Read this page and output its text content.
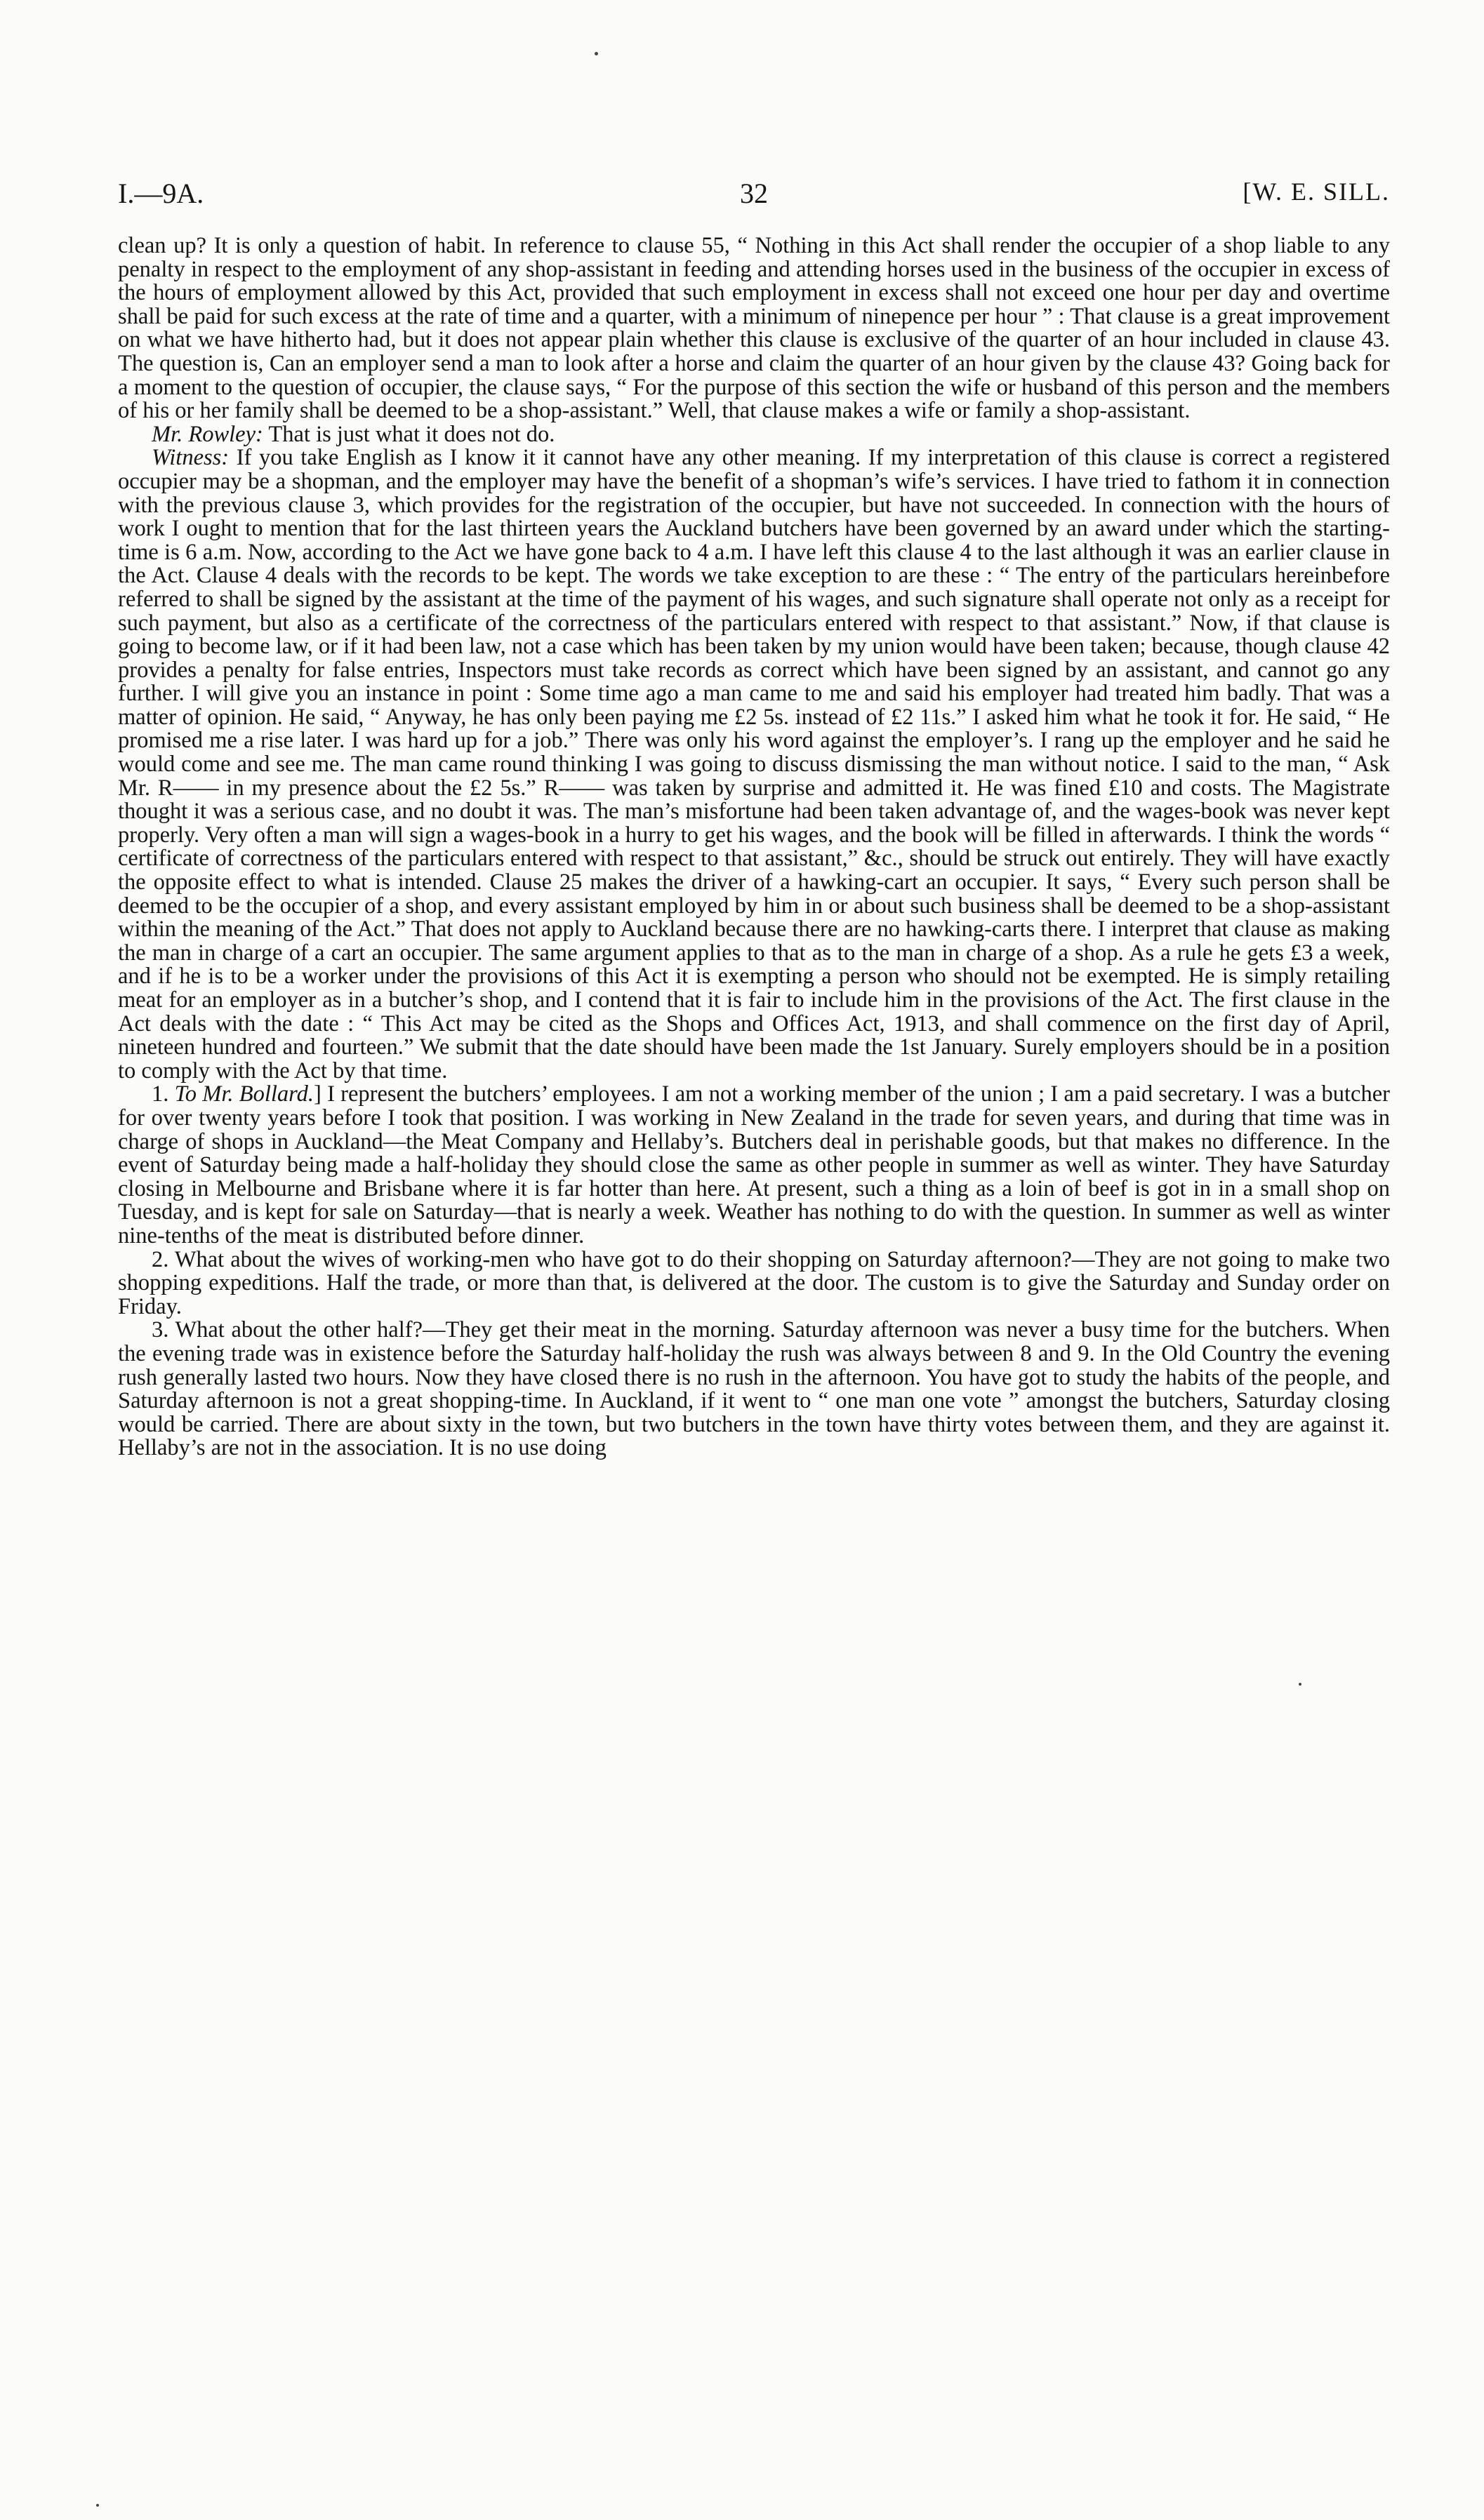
I.—9A.	32	[W. E. SILL.

clean up? It is only a question of habit. In reference to clause 55, “ Nothing in this Act shall render the occupier of a shop liable to any penalty in respect to the employment of any shop-assistant in feeding and attending horses used in the business of the occupier in excess of the hours of employment allowed by this Act, provided that such employment in excess shall not exceed one hour per day and overtime shall be paid for such excess at the rate of time and a quarter, with a minimum of ninepence per hour ” : That clause is a great improvement on what we have hitherto had, but it does not appear plain whether this clause is exclusive of the quarter of an hour included in clause 43. The question is, Can an employer send a man to look after a horse and claim the quarter of an hour given by the clause 43? Going back for a moment to the question of occupier, the clause says, “ For the purpose of this section the wife or husband of this person and the members of his or her family shall be deemed to be a shop-assistant.” Well, that clause makes a wife or family a shop-assistant.

Mr. Rowley: That is just what it does not do.

Witness: If you take English as I know it it cannot have any other meaning. If my interpretation of this clause is correct a registered occupier may be a shopman, and the employer may have the benefit of a shopman’s wife’s services. I have tried to fathom it in connection with the previous clause 3, which provides for the registration of the occupier, but have not succeeded. In connection with the hours of work I ought to mention that for the last thirteen years the Auckland butchers have been governed by an award under which the starting-time is 6 a.m. Now, according to the Act we have gone back to 4 a.m. I have left this clause 4 to the last although it was an earlier clause in the Act. Clause 4 deals with the records to be kept. The words we take exception to are these : “ The entry of the particulars hereinbefore referred to shall be signed by the assistant at the time of the payment of his wages, and such signature shall operate not only as a receipt for such payment, but also as a certificate of the correctness of the particulars entered with respect to that assistant.” Now, if that clause is going to become law, or if it had been law, not a case which has been taken by my union would have been taken; because, though clause 42 provides a penalty for false entries, Inspectors must take records as correct which have been signed by an assistant, and cannot go any further. I will give you an instance in point : Some time ago a man came to me and said his employer had treated him badly. That was a matter of opinion. He said, “ Anyway, he has only been paying me £2 5s. instead of £2 11s.” I asked him what he took it for. He said, “ He promised me a rise later. I was hard up for a job.” There was only his word against the employer’s. I rang up the employer and he said he would come and see me. The man came round thinking I was going to discuss dismissing the man without notice. I said to the man, “ Ask Mr. R—— in my presence about the £2 5s.” R—— was taken by surprise and admitted it. He was fined £10 and costs. The Magistrate thought it was a serious case, and no doubt it was. The man’s misfortune had been taken advantage of, and the wages-book was never kept properly. Very often a man will sign a wages-book in a hurry to get his wages, and the book will be filled in afterwards. I think the words “ certificate of correctness of the particulars entered with respect to that assistant,” &c., should be struck out entirely. They will have exactly the opposite effect to what is intended. Clause 25 makes the driver of a hawking-cart an occupier. It says, “ Every such person shall be deemed to be the occupier of a shop, and every assistant employed by him in or about such business shall be deemed to be a shop-assistant within the meaning of the Act.” That does not apply to Auckland because there are no hawking-carts there. I interpret that clause as making the man in charge of a cart an occupier. The same argument applies to that as to the man in charge of a shop. As a rule he gets £3 a week, and if he is to be a worker under the provisions of this Act it is exempting a person who should not be exempted. He is simply retailing meat for an employer as in a butcher’s shop, and I contend that it is fair to include him in the provisions of the Act. The first clause in the Act deals with the date : “ This Act may be cited as the Shops and Offices Act, 1913, and shall commence on the first day of April, nineteen hundred and fourteen.” We submit that the date should have been made the 1st January. Surely employers should be in a position to comply with the Act by that time.

1. To Mr. Bollard.] I represent the butchers’ employees. I am not a working member of the union ; I am a paid secretary. I was a butcher for over twenty years before I took that position. I was working in New Zealand in the trade for seven years, and during that time was in charge of shops in Auckland—the Meat Company and Hellaby’s. Butchers deal in perishable goods, but that makes no difference. In the event of Saturday being made a half-holiday they should close the same as other people in summer as well as winter. They have Saturday closing in Melbourne and Brisbane where it is far hotter than here. At present, such a thing as a loin of beef is got in in a small shop on Tuesday, and is kept for sale on Saturday—that is nearly a week. Weather has nothing to do with the question. In summer as well as winter nine-tenths of the meat is distributed before dinner.

2. What about the wives of working-men who have got to do their shopping on Saturday afternoon?—They are not going to make two shopping expeditions. Half the trade, or more than that, is delivered at the door. The custom is to give the Saturday and Sunday order on Friday.

3. What about the other half?—They get their meat in the morning. Saturday afternoon was never a busy time for the butchers. When the evening trade was in existence before the Saturday half-holiday the rush was always between 8 and 9. In the Old Country the evening rush generally lasted two hours. Now they have closed there is no rush in the afternoon. You have got to study the habits of the people, and Saturday afternoon is not a great shopping-time. In Auckland, if it went to “ one man one vote ” amongst the butchers, Saturday closing would be carried. There are about sixty in the town, but two butchers in the town have thirty votes between them, and they are against it. Hellaby’s are not in the association. It is no use doing
